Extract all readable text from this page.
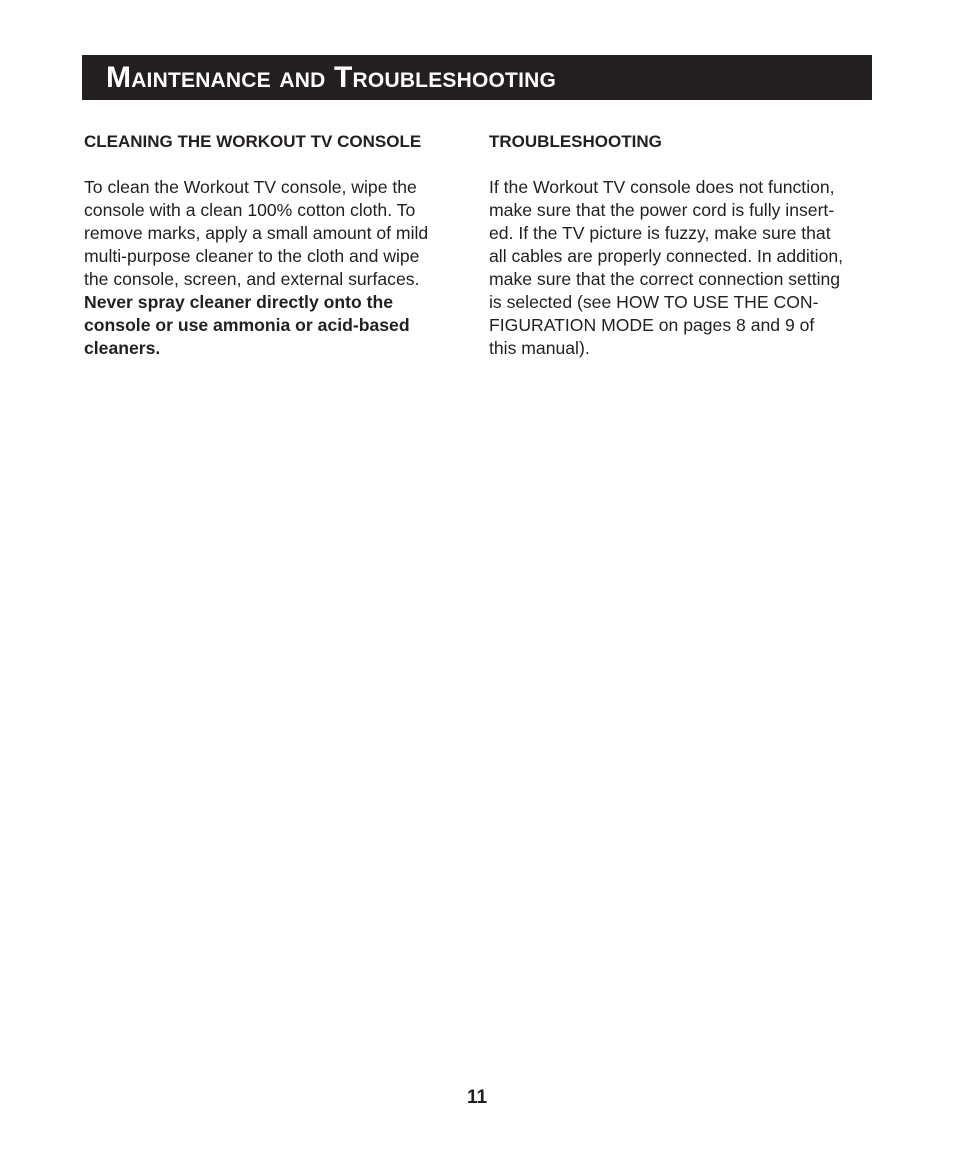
Maintenance and Troubleshooting
CLEANING THE WORKOUT TV CONSOLE

To clean the Workout TV console, wipe the
console with a clean 100% cotton cloth. To
remove marks, apply a small amount of mild
multi-purpose cleaner to the cloth and wipe
the console, screen, and external surfaces.
Never spray cleaner directly onto the
console or use ammonia or acid-based
cleaners.

TROUBLESHOOTING

If the Workout TV console does not function,
make sure that the power cord is fully insert-
ed. If the TV picture is fuzzy, make sure that
all cables are properly connected. In addition,
make sure that the correct connection setting
is selected (see HOW TO USE THE CON-
FIGURATION MODE on pages 8 and 9 of
this manual).

11
